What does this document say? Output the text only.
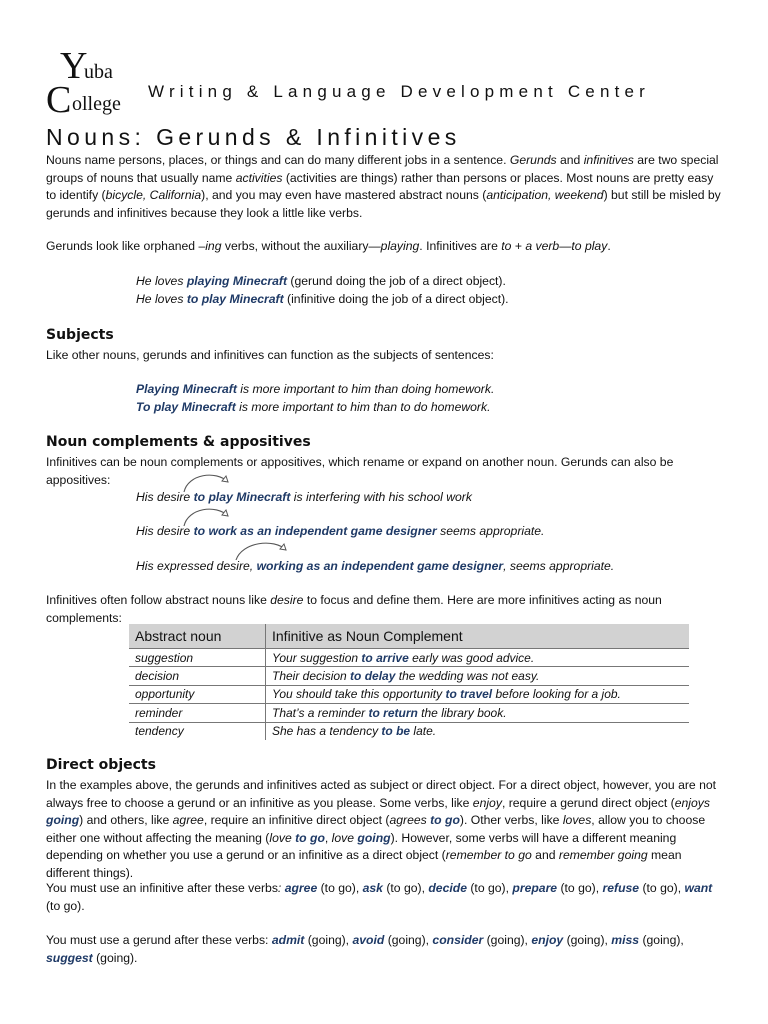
Y
uba
C ollege
Writing & Language Development Center
Nouns: Gerunds & Infinitives

Nouns name persons, places, or things and can do many different jobs in a sentence. Gerunds and infinitives are two special groups of nouns that usually name activities (activities are things) rather than persons or places. Most nouns are pretty easy to identify (bicycle, California), and you may even have mastered abstract nouns (anticipation, weekend) but still be misled by gerunds and infinitives because they look a little like verbs.

Gerunds look like orphaned –ing verbs, without the auxiliary—playing. Infinitives are to + a verb—to play.

He loves playing Minecraft (gerund doing the job of a direct object).
He loves to play Minecraft (infinitive doing the job of a direct object).
Subjects
Like other nouns, gerunds and infinitives can function as the subjects of sentences:
Playing Minecraft is more important to him than doing homework.
To play Minecraft is more important to him than to do homework.
Noun complements & appositives
Infinitives can be noun complements or appositives, which rename or expand on another noun. Gerunds can also be appositives:
His desire to play Minecraft is interfering with his school work
His desire to work as an independent game designer seems appropriate.
His expressed desire, working as an independent game designer, seems appropriate.

Infinitives often follow abstract nouns like desire to focus and define them. Here are more infinitives acting as noun complements:

Abstract noun	Infinitive as Noun Complement
suggestion	Your suggestion to arrive early was good advice.
decision	Their decision to delay the wedding was not easy.
opportunity	You should take this opportunity to travel before looking for a job.
reminder	That’s a reminder to return the library book.
tendency	She has a tendency to be late.
Direct objects

In the examples above, the gerunds and infinitives acted as subject or direct object. For a direct object, however, you are not always free to choose a gerund or an infinitive as you please. Some verbs, like enjoy, require a gerund direct object (enjoys going) and others, like agree, require an infinitive direct object (agrees to go). Other verbs, like loves, allow you to choose either one without affecting the meaning (love to go, love going). However, some verbs will have a different meaning depending on whether you use a gerund or an infinitive as a direct object (remember to go and remember going mean different things).

You must use an infinitive after these verbs: agree (to go), ask (to go), decide (to go), prepare (to go), refuse (to go), want (to go).

You must use a gerund after these verbs: admit (going), avoid (going), consider (going), enjoy (going), miss (going), suggest (going).
